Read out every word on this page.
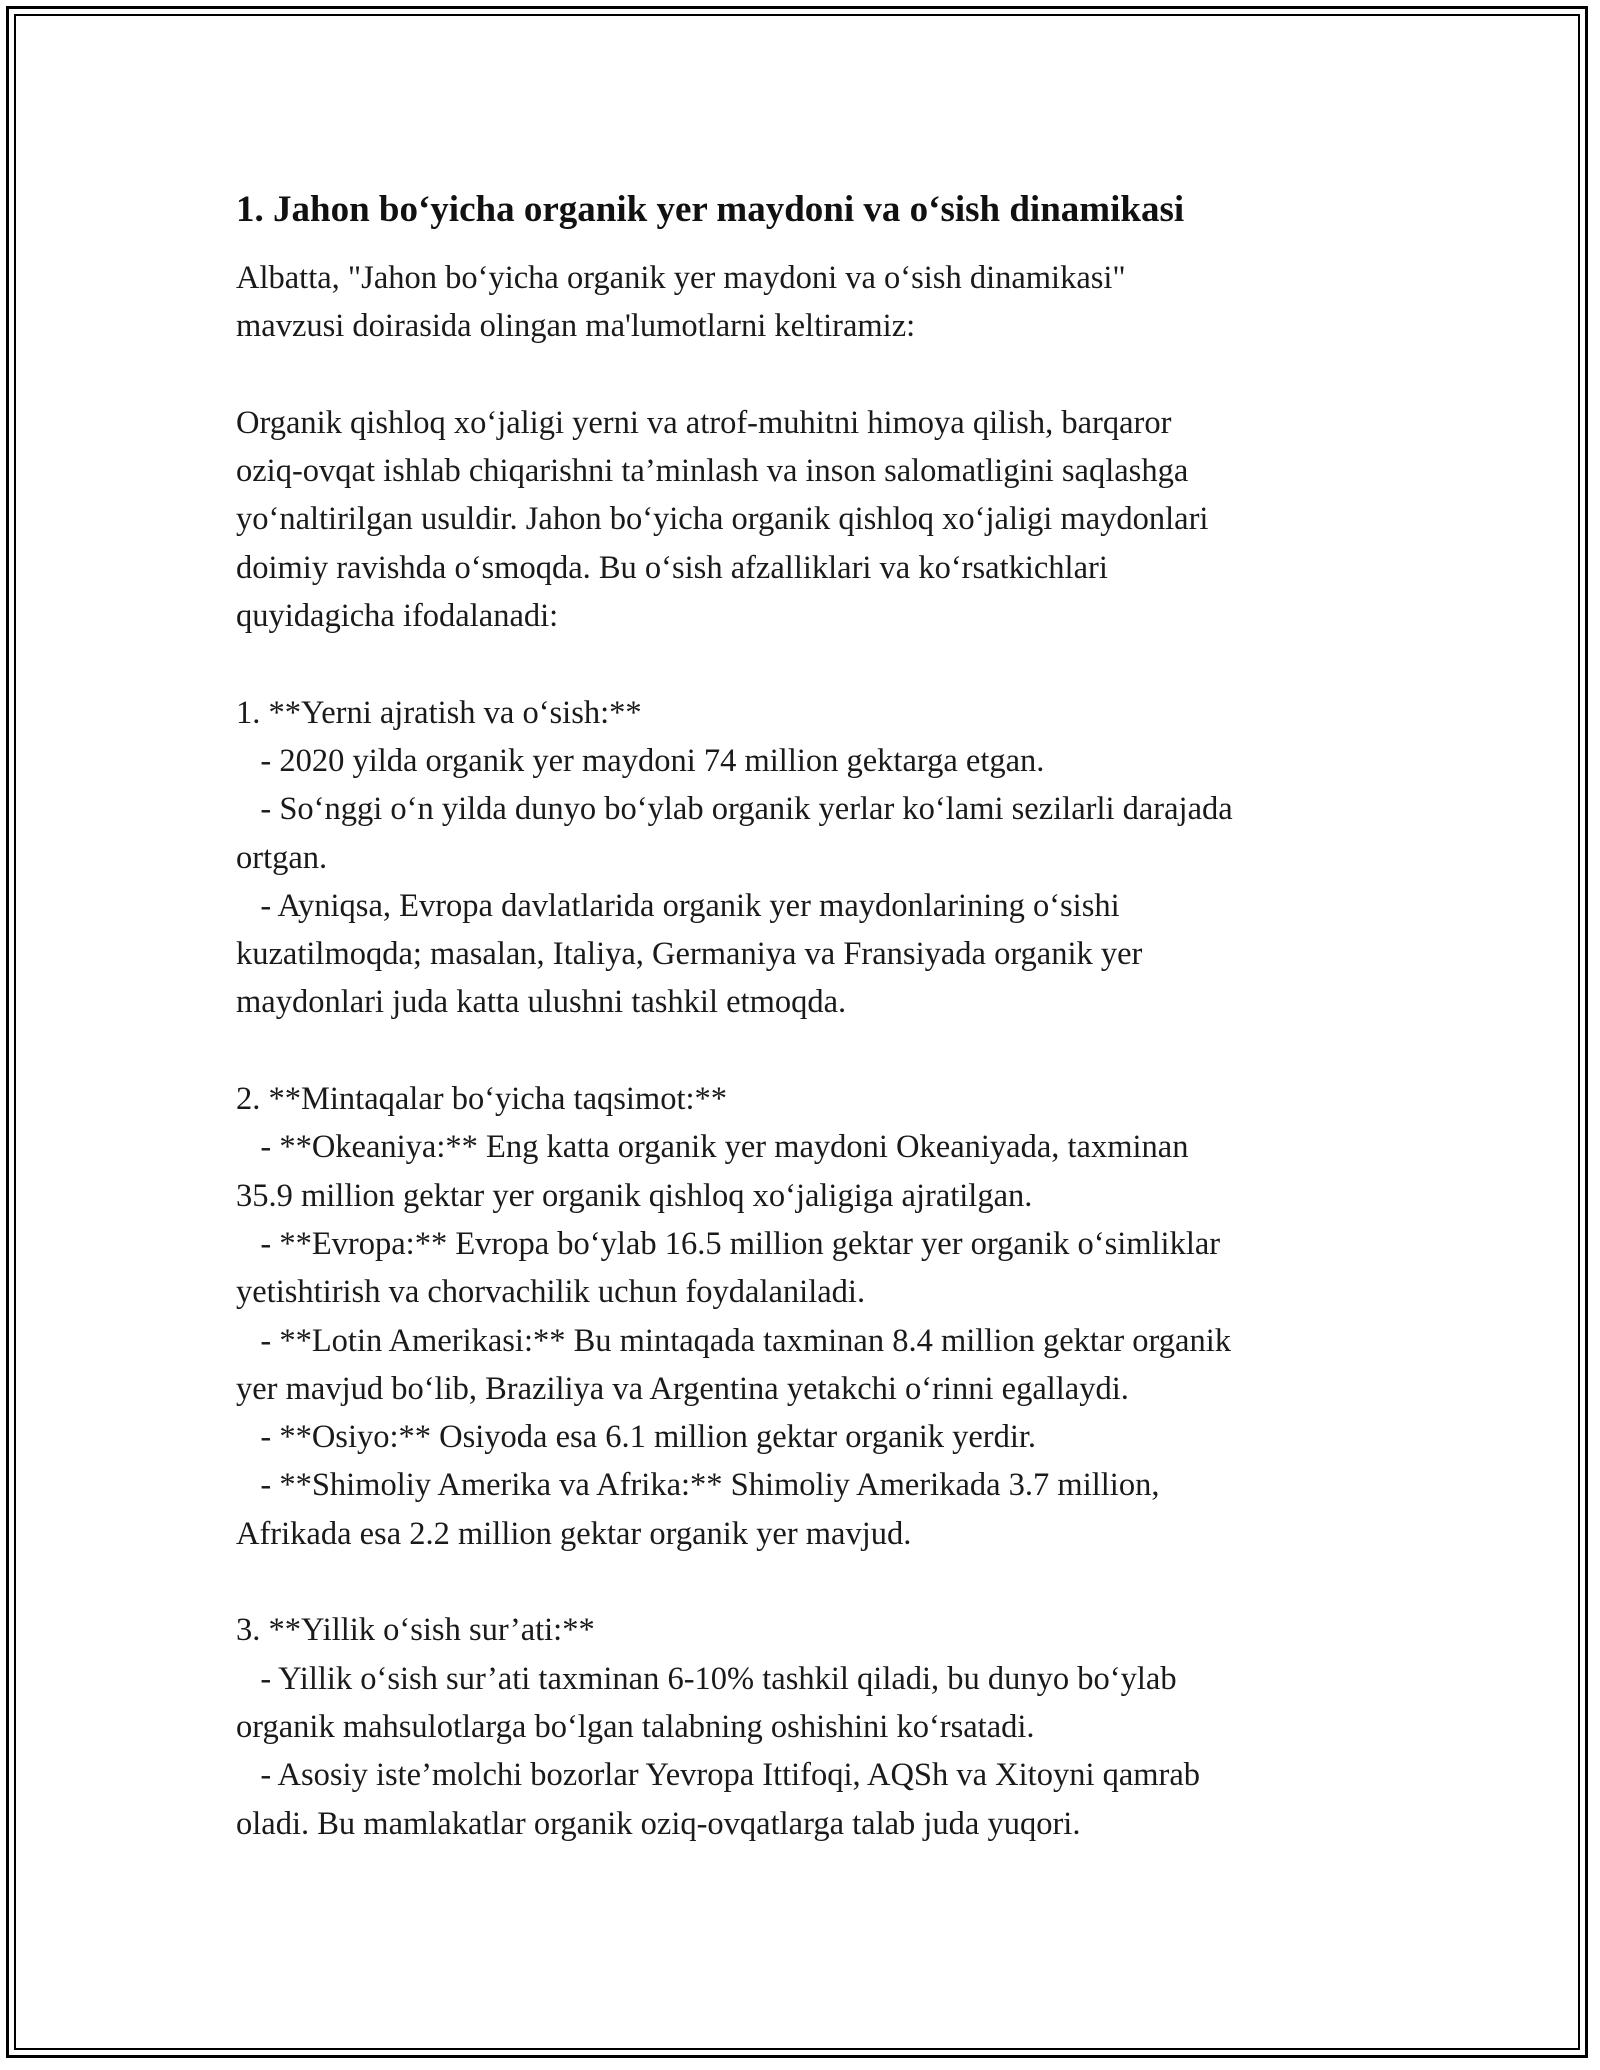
1. Jahon bo‘yicha organik yer maydoni va o‘sish dinamikasi
Albatta, "Jahon bo‘yicha organik yer maydoni va o‘sish dinamikasi"
mavzusi doirasida olingan ma'lumotlarni keltiramiz:
Organik qishloq xo‘jaligi yerni va atrof-muhitni himoya qilish, barqaror
oziq-ovqat ishlab chiqarishni ta’minlash va inson salomatligini saqlashga
yo‘naltirilgan usuldir. Jahon bo‘yicha organik qishloq xo‘jaligi maydonlari
doimiy ravishda o‘smoqda. Bu o‘sish afzalliklari va ko‘rsatkichlari
quyidagicha ifodalanadi:
1. **Yerni ajratish va o‘sish:**
- 2020 yilda organik yer maydoni 74 million gektarga etgan.
- So‘nggi o‘n yilda dunyo bo‘ylab organik yerlar ko‘lami sezilarli darajada
ortgan.
- Ayniqsa, Evropa davlatlarida organik yer maydonlarining o‘sishi
kuzatilmoqda; masalan, Italiya, Germaniya va Fransiyada organik yer
maydonlari juda katta ulushni tashkil etmoqda.
2. **Mintaqalar bo‘yicha taqsimot:**
- **Okeaniya:** Eng katta organik yer maydoni Okeaniyada, taxminan
35.9 million gektar yer organik qishloq xo‘jaligiga ajratilgan.
- **Evropa:** Evropa bo‘ylab 16.5 million gektar yer organik o‘simliklar
yetishtirish va chorvachilik uchun foydalaniladi.
- **Lotin Amerikasi:** Bu mintaqada taxminan 8.4 million gektar organik
yer mavjud bo‘lib, Braziliya va Argentina yetakchi o‘rinni egallaydi.
- **Osiyo:** Osiyoda esa 6.1 million gektar organik yerdir.
- **Shimoliy Amerika va Afrika:** Shimoliy Amerikada 3.7 million,
Afrikada esa 2.2 million gektar organik yer mavjud.
3. **Yillik o‘sish sur’ati:**
- Yillik o‘sish sur’ati taxminan 6-10% tashkil qiladi, bu dunyo bo‘ylab
organik mahsulotlarga bo‘lgan talabning oshishini ko‘rsatadi.
- Asosiy iste’molchi bozorlar Yevropa Ittifoqi, AQSh va Xitoyni qamrab
oladi. Bu mamlakatlar organik oziq-ovqatlarga talab juda yuqori.
